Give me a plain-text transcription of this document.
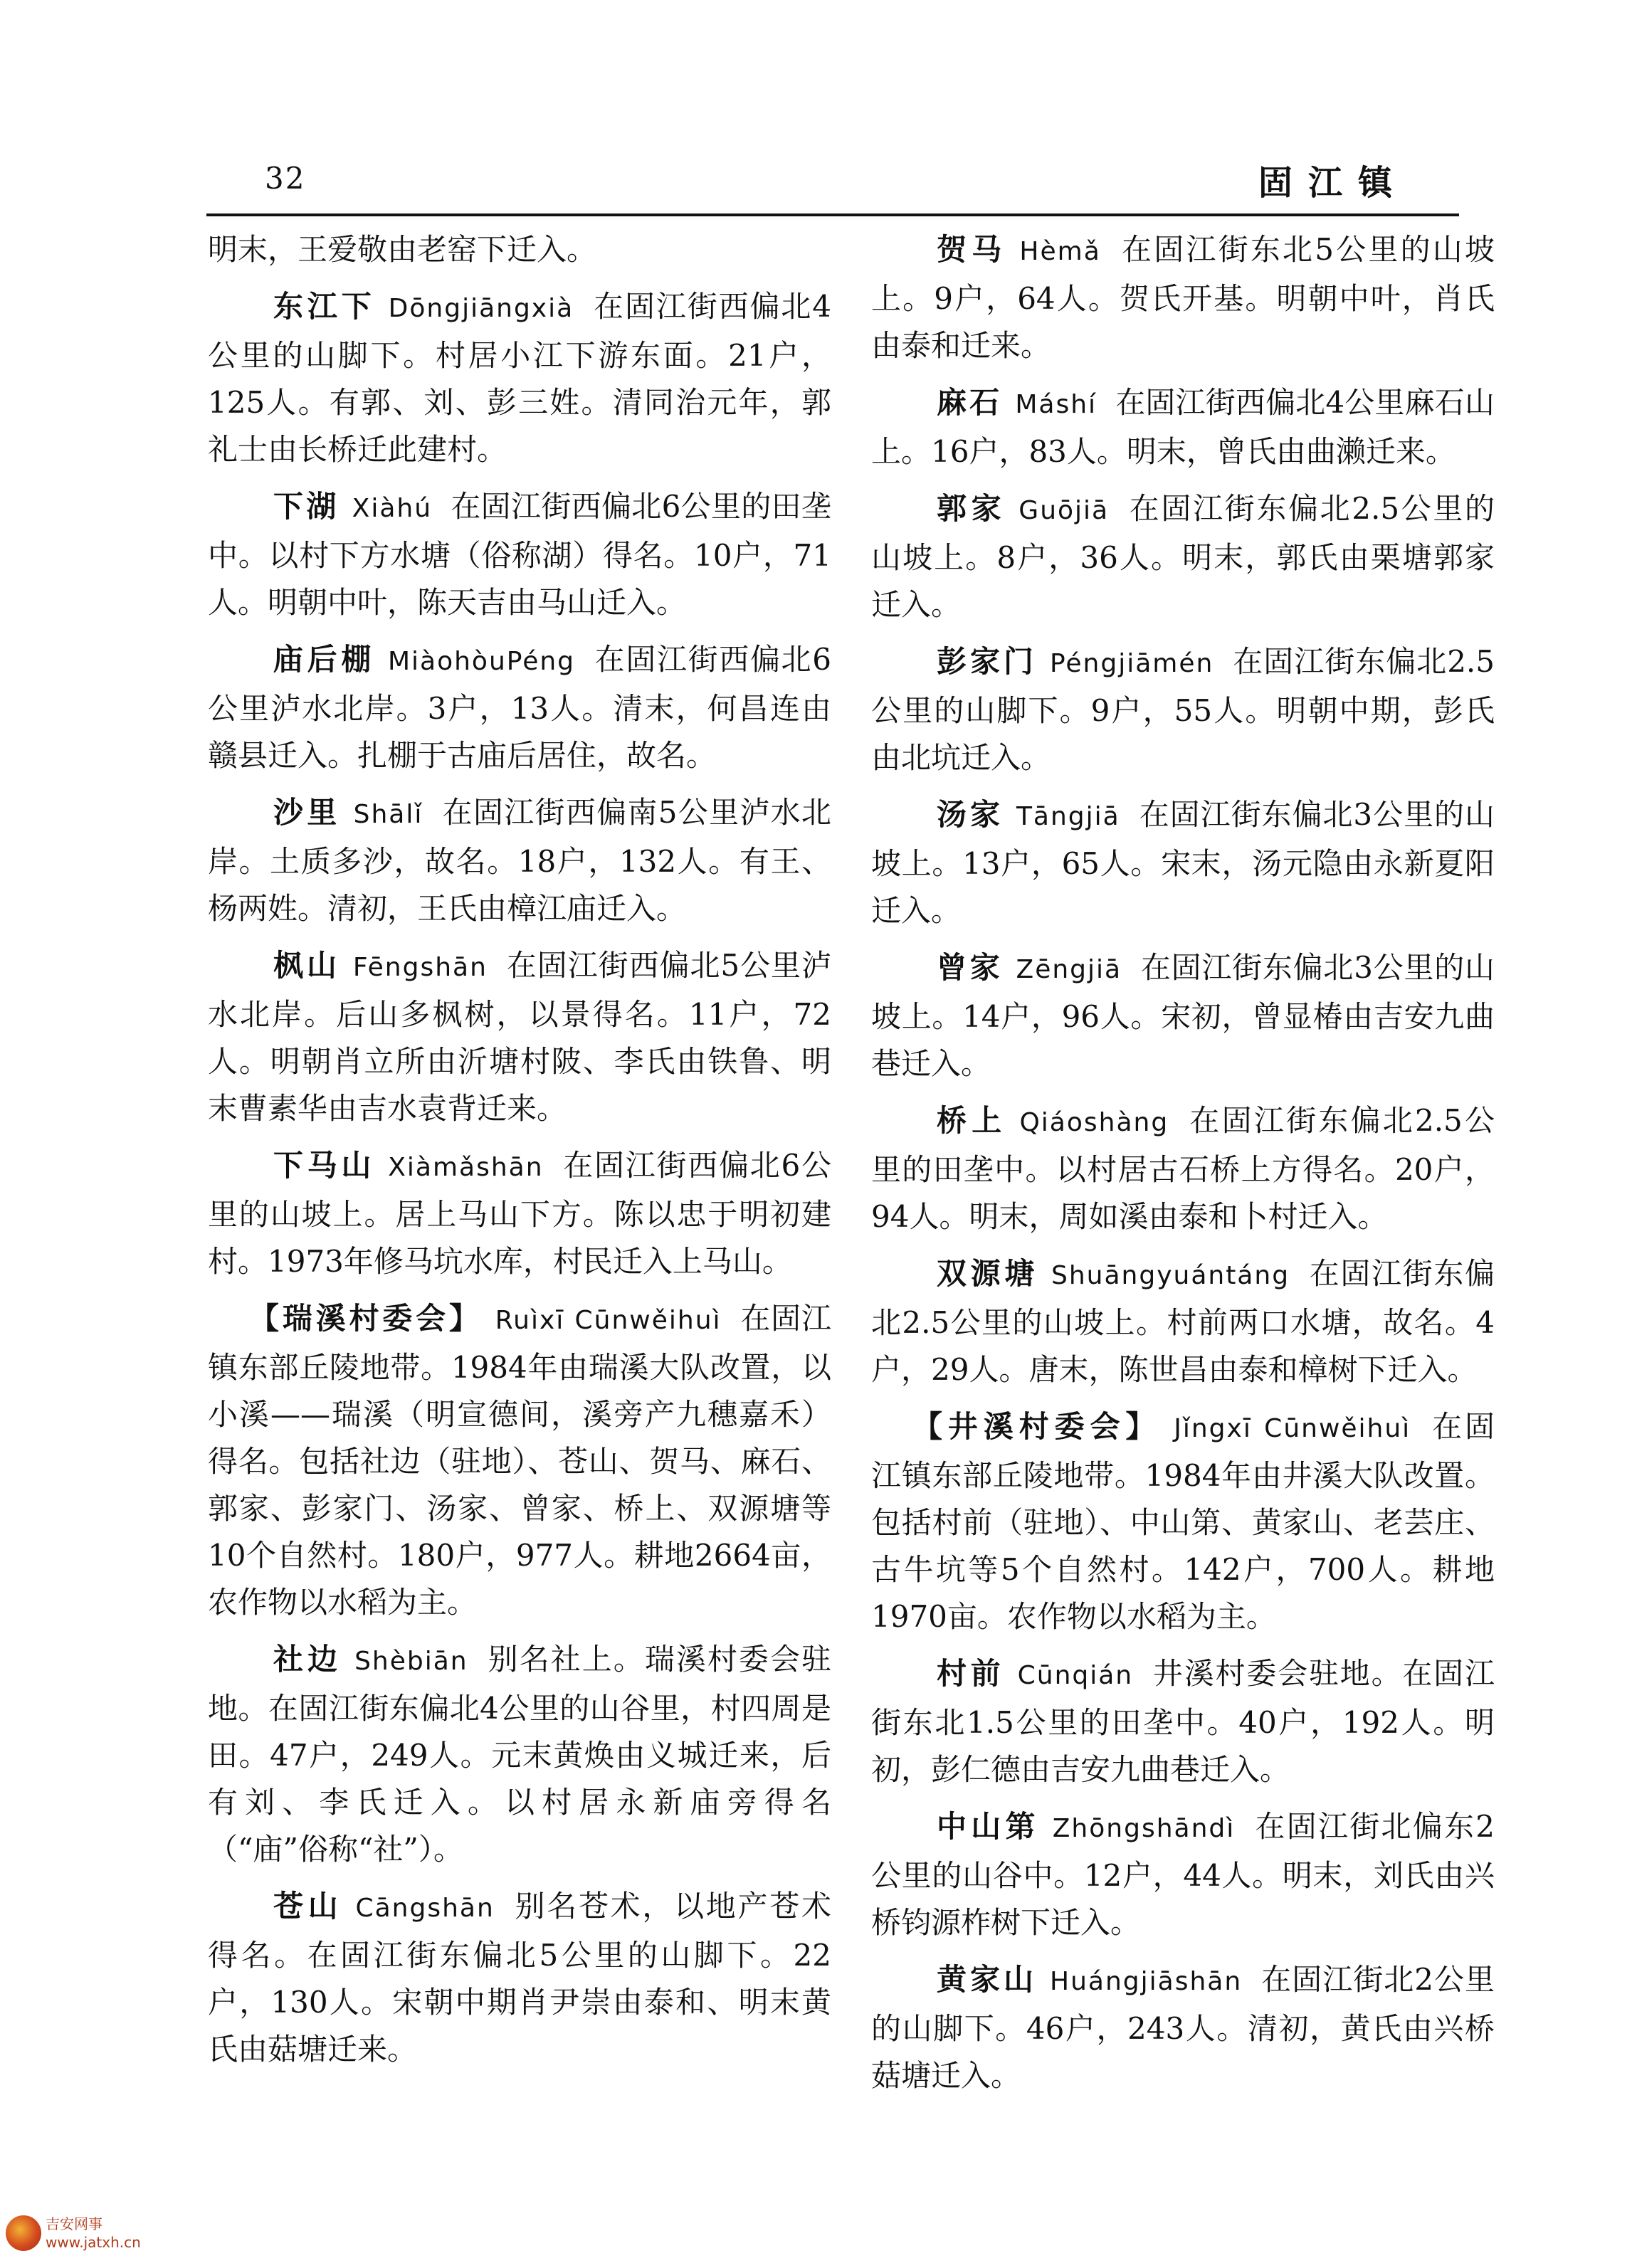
32	固江镇

明末，王爱敬由老窑下迁入。

东江下 Dōngjiāngxià 在固江街西偏北4公里的山脚下。村居小江下游东面。21户，125人。有郭、刘、彭三姓。清同治元年，郭礼士由长桥迁此建村。

下湖 Xiàhú 在固江街西偏北6公里的田垄中。以村下方水塘（俗称湖）得名。10户，71人。明朝中叶，陈天吉由马山迁入。

庙后棚 MiàohòuPéng 在固江街西偏北6公里泸水北岸。3户，13人。清末，何昌连由赣县迁入。扎棚于古庙后居住，故名。

沙里 Shālǐ 在固江街西偏南5公里泸水北岸。土质多沙，故名。18户，132人。有王、杨两姓。清初，王氏由樟江庙迁入。

枫山 Fēngshān 在固江街西偏北5公里泸水北岸。后山多枫树，以景得名。11户，72人。明朝肖立所由沂塘村陂、李氏由铁鲁、明末曹素华由吉水袁背迁来。

下马山 Xiàmǎshān 在固江街西偏北6公里的山坡上。居上马山下方。陈以忠于明初建村。1973年修马坑水库，村民迁入上马山。

【瑞溪村委会】 Ruìxī Cūnwěihuì 在固江镇东部丘陵地带。1984年由瑞溪大队改置，以小溪——瑞溪（明宣德间，溪旁产九穗嘉禾）得名。包括社边（驻地）、苍山、贺马、麻石、郭家、彭家门、汤家、曾家、桥上、双源塘等10个自然村。180户，977人。耕地2664亩，农作物以水稻为主。

社边 Shèbiān 别名社上。瑞溪村委会驻地。在固江街东偏北4公里的山谷里，村四周是田。47户，249人。元末黄焕由义城迁来，后有刘、李氏迁入。以村居永新庙旁得名（“庙”俗称“社”）。

苍山 Cāngshān 别名苍术，以地产苍术得名。在固江街东偏北5公里的山脚下。22户，130人。宋朝中期肖尹崇由泰和、明末黄氏由菇塘迁来。

贺马 Hèmǎ 在固江街东北5公里的山坡上。9户，64人。贺氏开基。明朝中叶，肖氏由泰和迁来。

麻石 Máshí 在固江街西偏北4公里麻石山上。16户，83人。明末，曾氏由曲濑迁来。

郭家 Guōjiā 在固江街东偏北2.5公里的山坡上。8户，36人。明末，郭氏由栗塘郭家迁入。

彭家门 Péngjiāmén 在固江街东偏北2.5公里的山脚下。9户，55人。明朝中期，彭氏由北坑迁入。

汤家 Tāngjiā 在固江街东偏北3公里的山坡上。13户，65人。宋末，汤元隐由永新夏阳迁入。

曾家 Zēngjiā 在固江街东偏北3公里的山坡上。14户，96人。宋初，曾显椿由吉安九曲巷迁入。

桥上 Qiáoshàng 在固江街东偏北2.5公里的田垄中。以村居古石桥上方得名。20户，94人。明末，周如溪由泰和卜村迁入。

双源塘 Shuāngyuántáng 在固江街东偏北2.5公里的山坡上。村前两口水塘，故名。4户，29人。唐末，陈世昌由泰和樟树下迁入。

【井溪村委会】 Jǐngxī Cūnwěihuì 在固江镇东部丘陵地带。1984年由井溪大队改置。包括村前（驻地）、中山第、黄家山、老芸庄、古牛坑等5个自然村。142户，700人。耕地1970亩。农作物以水稻为主。

村前 Cūnqián 井溪村委会驻地。在固江街东北1.5公里的田垄中。40户，192人。明初，彭仁德由吉安九曲巷迁入。

中山第 Zhōngshāndì 在固江街北偏东2公里的山谷中。12户，44人。明末，刘氏由兴桥钧源柞树下迁入。

黄家山 Huángjiāshān 在固江街北2公里的山脚下。46户，243人。清初，黄氏由兴桥菇塘迁入。

吉安网事
www.jatxh.cn
